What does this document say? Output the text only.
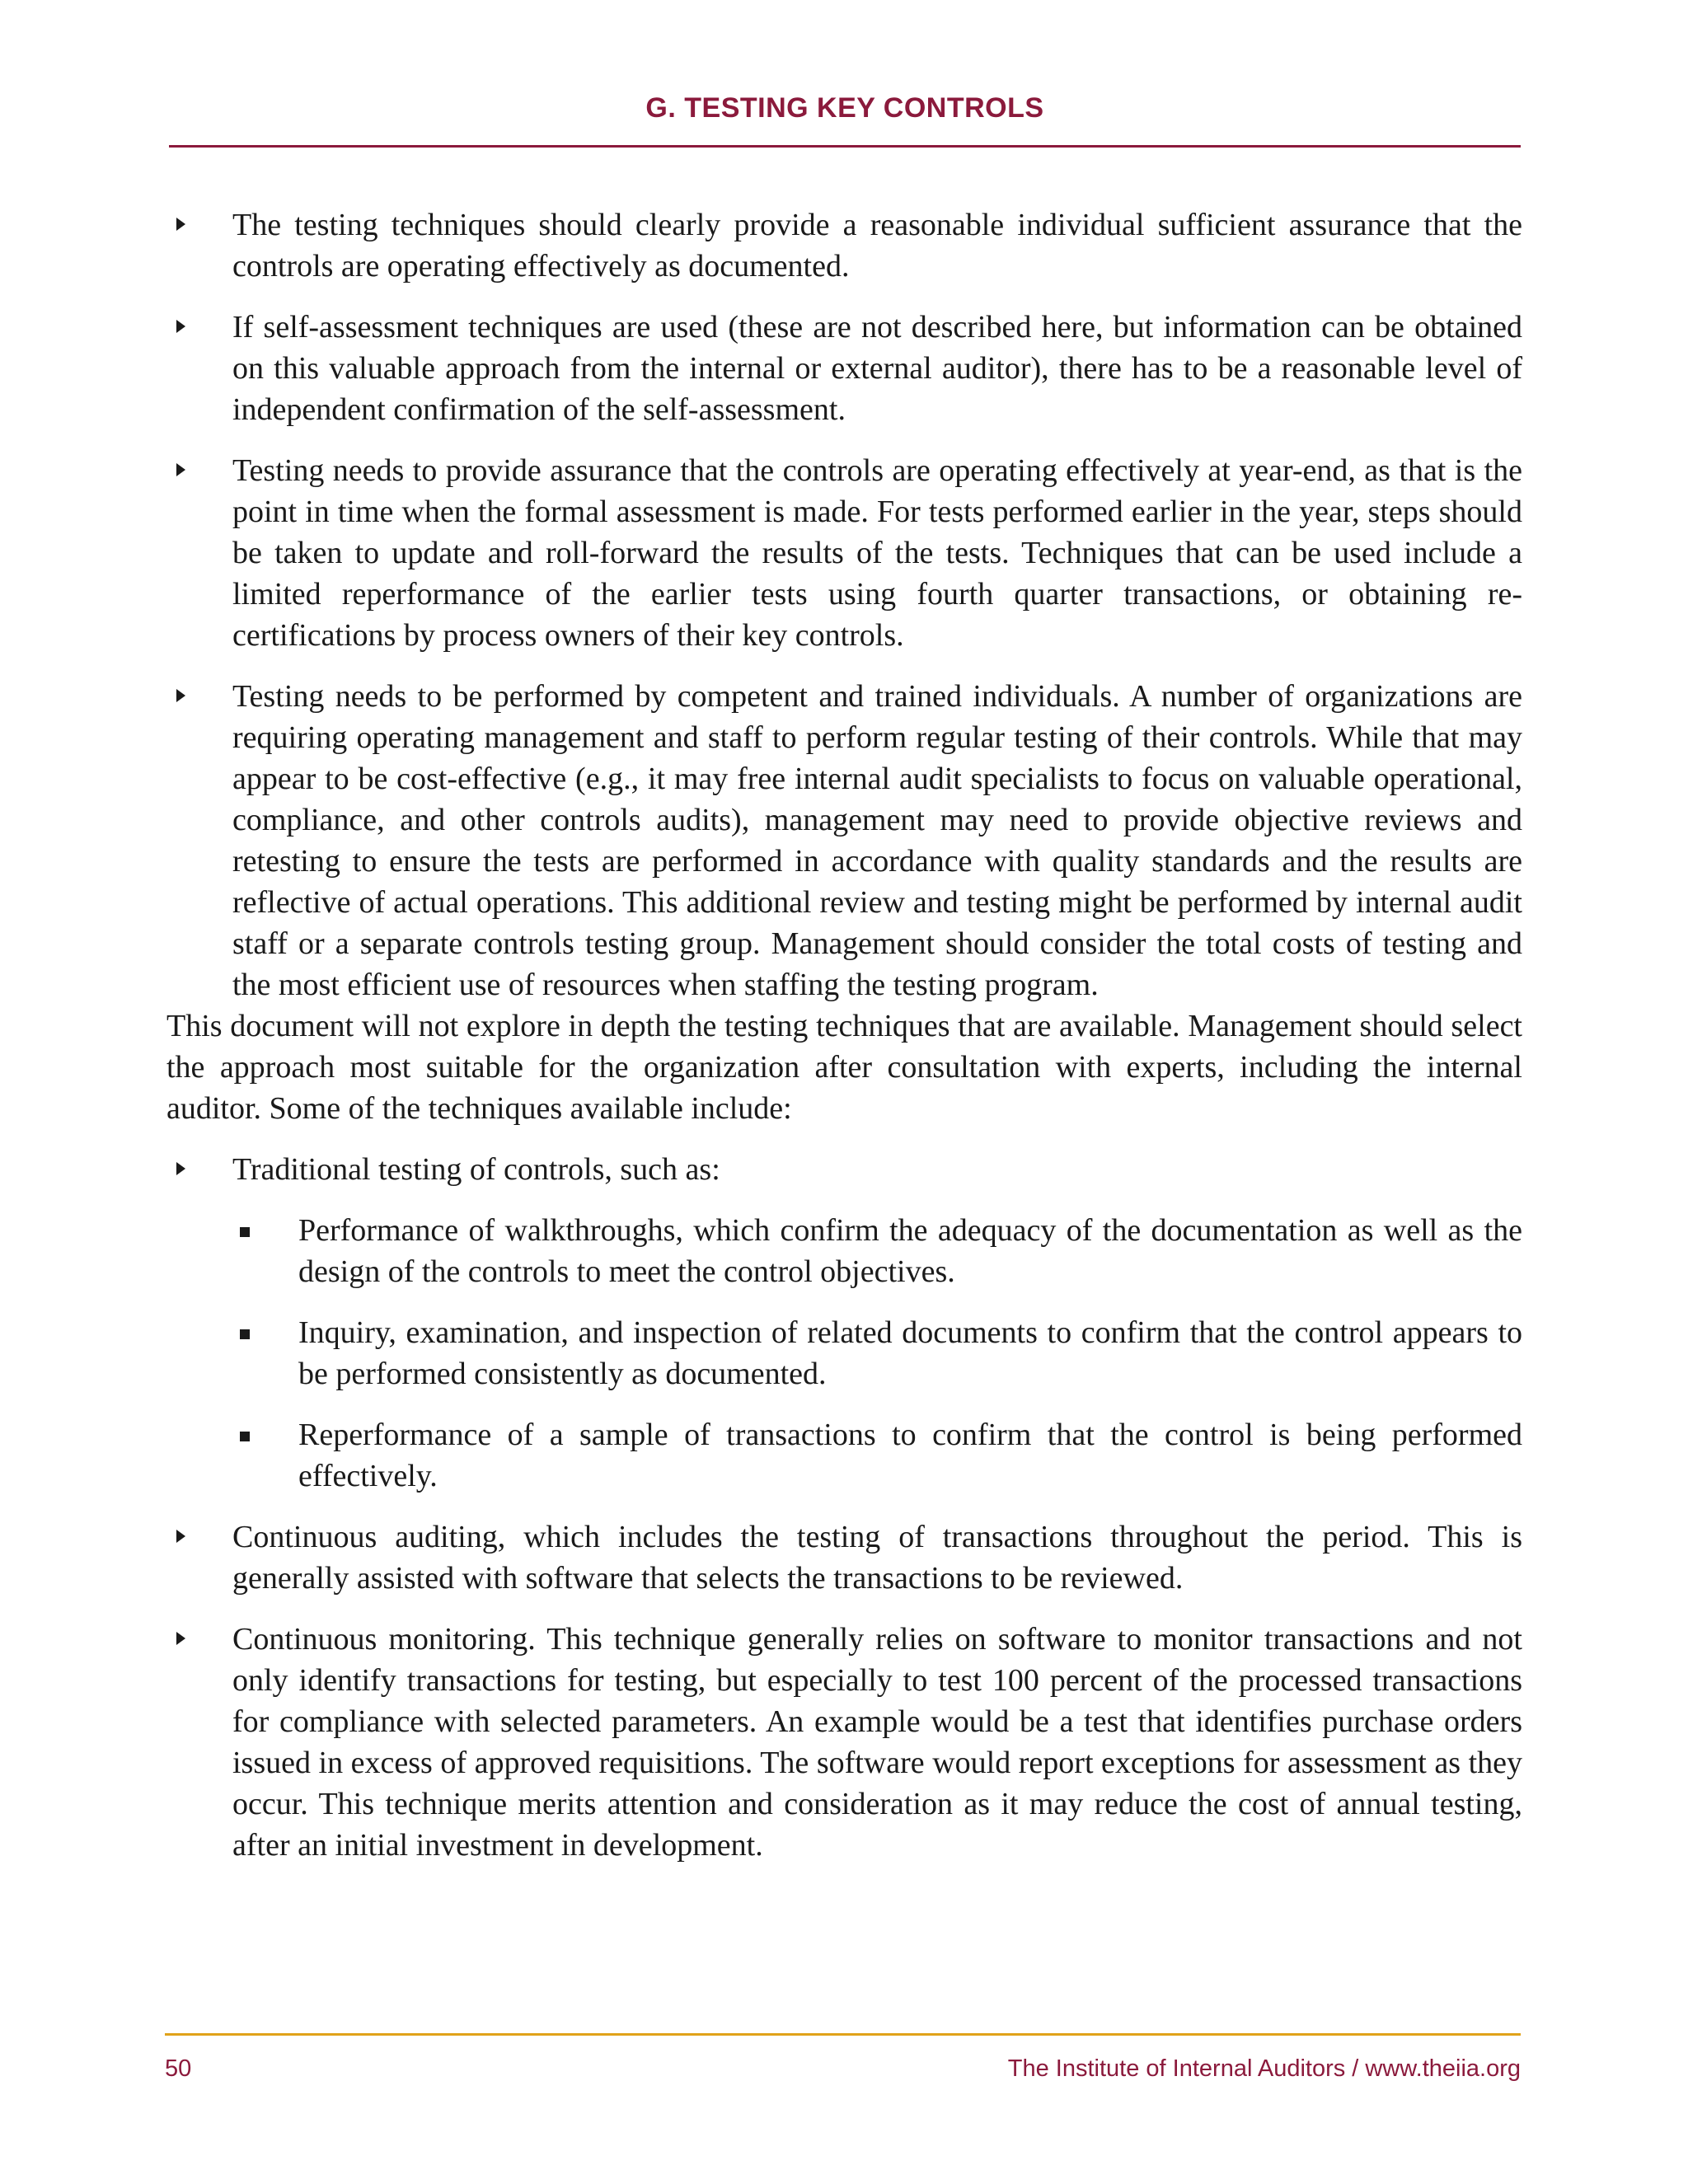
G. TESTING KEY CONTROLS
The testing techniques should clearly provide a reasonable individual sufficient assurance that the controls are operating effectively as documented.
If self-assessment techniques are used (these are not described here, but information can be obtained on this valuable approach from the internal or external auditor), there has to be a reasonable level of independent confirmation of the self-assessment.
Testing needs to provide assurance that the controls are operating effectively at year-end, as that is the point in time when the formal assessment is made. For tests performed earlier in the year, steps should be taken to update and roll-forward the results of the tests. Techniques that can be used include a limited reperformance of the earlier tests using fourth quarter transactions, or obtaining re-certifications by process owners of their key controls.
Testing needs to be performed by competent and trained individuals. A number of organizations are requiring operating management and staff to perform regular testing of their controls. While that may appear to be cost-effective (e.g., it may free internal audit specialists to focus on valuable operational, compliance, and other controls audits), management may need to provide objective reviews and retesting to ensure the tests are performed in accordance with quality standards and the results are reflective of actual operations. This additional review and testing might be performed by internal audit staff or a separate controls testing group. Management should consider the total costs of testing and the most efficient use of resources when staffing the testing program.

This document will not explore in depth the testing techniques that are available. Management should select the approach most suitable for the organization after consultation with experts, including the internal auditor. Some of the techniques available include:

Traditional testing of controls, such as:
Performance of walkthroughs, which confirm the adequacy of the documentation as well as the design of the controls to meet the control objectives.
Inquiry, examination, and inspection of related documents to confirm that the control appears to be performed consistently as documented.
Reperformance of a sample of transactions to confirm that the control is being performed effectively.
Continuous auditing, which includes the testing of transactions throughout the period. This is generally assisted with software that selects the transactions to be reviewed.
Continuous monitoring. This technique generally relies on software to monitor transactions and not only identify transactions for testing, but especially to test 100 percent of the processed transactions for compliance with selected parameters. An example would be a test that identifies purchase orders issued in excess of approved requisitions. The software would report exceptions for assessment as they occur. This technique merits attention and consideration as it may reduce the cost of annual testing, after an initial investment in development.
50	The Institute of Internal Auditors / www.theiia.org
